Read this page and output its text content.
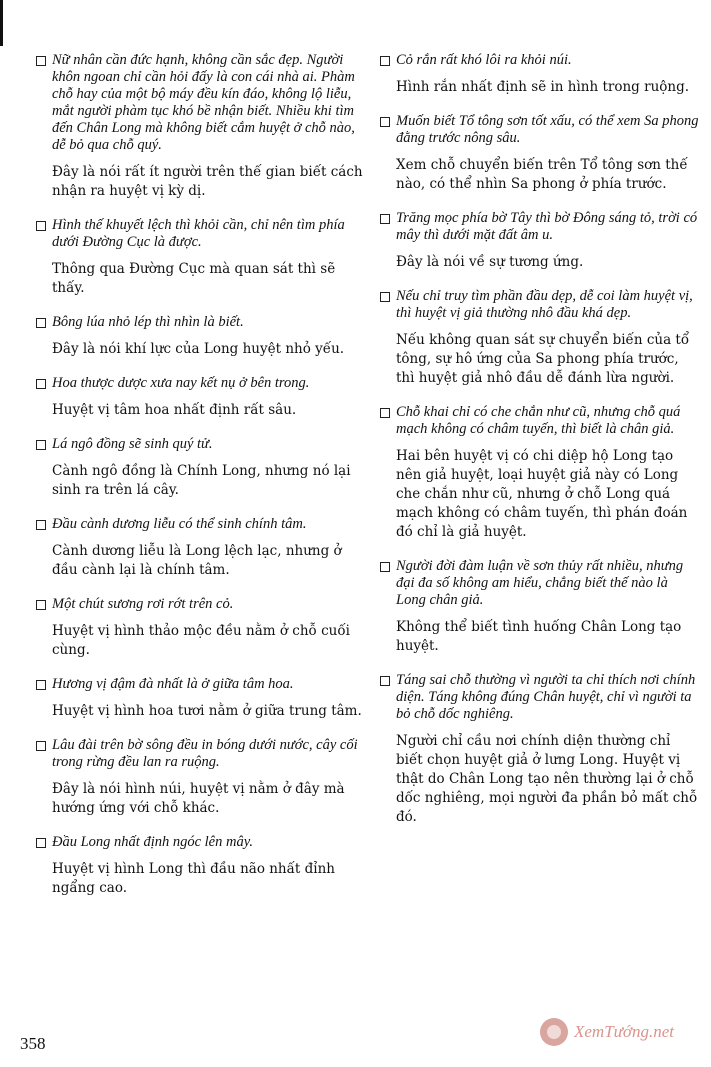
Nữ nhân cần đức hạnh, không cần sắc đẹp. Người khôn ngoan chỉ cần hỏi đấy là con cái nhà ai. Phàm chỗ hay của một bộ máy đều kín đáo, không lộ liễu, mắt người phàm tục khó bề nhận biết. Nhiều khi tìm đến Chân Long mà không biết cắm huyệt ở chỗ nào, dễ bỏ qua chỗ quý.

Đây là nói rất ít người trên thế gian biết cách nhận ra huyệt vị kỳ dị.

Hình thế khuyết lệch thì khỏi cần, chỉ nên tìm phía dưới Đường Cục là được.

Thông qua Đường Cục mà quan sát thì sẽ thấy.

Bông lúa nhỏ lép thì nhìn là biết.

Đây là nói khí lực của Long huyệt nhỏ yếu.

Hoa thược dược xưa nay kết nụ ở bên trong.

Huyệt vị tâm hoa nhất định rất sâu.

Lá ngô đồng sẽ sinh quý tử.

Cành ngô đồng là Chính Long, nhưng nó lại sinh ra trên lá cây.

Đầu cành dương liễu có thể sinh chính tâm.

Cành dương liễu là Long lệch lạc, nhưng ở đầu cành lại là chính tâm.

Một chút sương rơi rớt trên cỏ.

Huyệt vị hình thảo mộc đều nằm ở chỗ cuối cùng.

Hương vị đậm đà nhất là ở giữa tâm hoa.

Huyệt vị hình hoa tươi nằm ở giữa trung tâm.

Lâu đài trên bờ sông đều in bóng dưới nước, cây cối trong rừng đều lan ra ruộng.

Đây là nói hình núi, huyệt vị nằm ở đây mà hướng ứng với chỗ khác.

Đầu Long nhất định ngóc lên mây.

Huyệt vị hình Long thì đầu não nhất đỉnh ngẩng cao.

Cỏ rắn rất khó lôi ra khỏi núi.

Hình rắn nhất định sẽ in hình trong ruộng.

Muốn biết Tổ tông sơn tốt xấu, có thể xem Sa phong đằng trước nông sâu.

Xem chỗ chuyển biến trên Tổ tông sơn thế nào, có thể nhìn Sa phong ở phía trước.

Trăng mọc phía bờ Tây thì bờ Đông sáng tỏ, trời có mây thì dưới mặt đất âm u.

Đây là nói về sự tương ứng.

Nếu chỉ truy tìm phần đầu dẹp, dễ coi làm huyệt vị, thì huyệt vị giả thường nhô đầu khá dẹp.

Nếu không quan sát sự chuyển biến của tổ tông, sự hô ứng của Sa phong phía trước, thì huyệt giả nhô đầu dễ đánh lừa người.

Chỗ khai chỉ có che chắn như cũ, nhưng chỗ quá mạch không có châm tuyến, thì biết là chân giả.

Hai bên huyệt vị có chi diệp hộ Long tạo nên giả huyệt, loại huyệt giả này có Long che chắn như cũ, nhưng ở chỗ Long quá mạch không có châm tuyến, thì phán đoán đó chỉ là giả huyệt.

Người đời đàm luận về sơn thủy rất nhiều, nhưng đại đa số không am hiểu, chẳng biết thế nào là Long chân giả.

Không thể biết tình huống Chân Long tạo huyệt.

Táng sai chỗ thường vì người ta chỉ thích nơi chính diện. Táng không đúng Chân huyệt, chỉ vì người ta bỏ chỗ dốc nghiêng.

Người chỉ cầu nơi chính diện thường chỉ biết chọn huyệt giả ở lưng Long. Huyệt vị thật do Chân Long tạo nên thường lại ở chỗ dốc nghiêng, mọi người đa phần bỏ mất chỗ đó.

358
XemTướng.net
